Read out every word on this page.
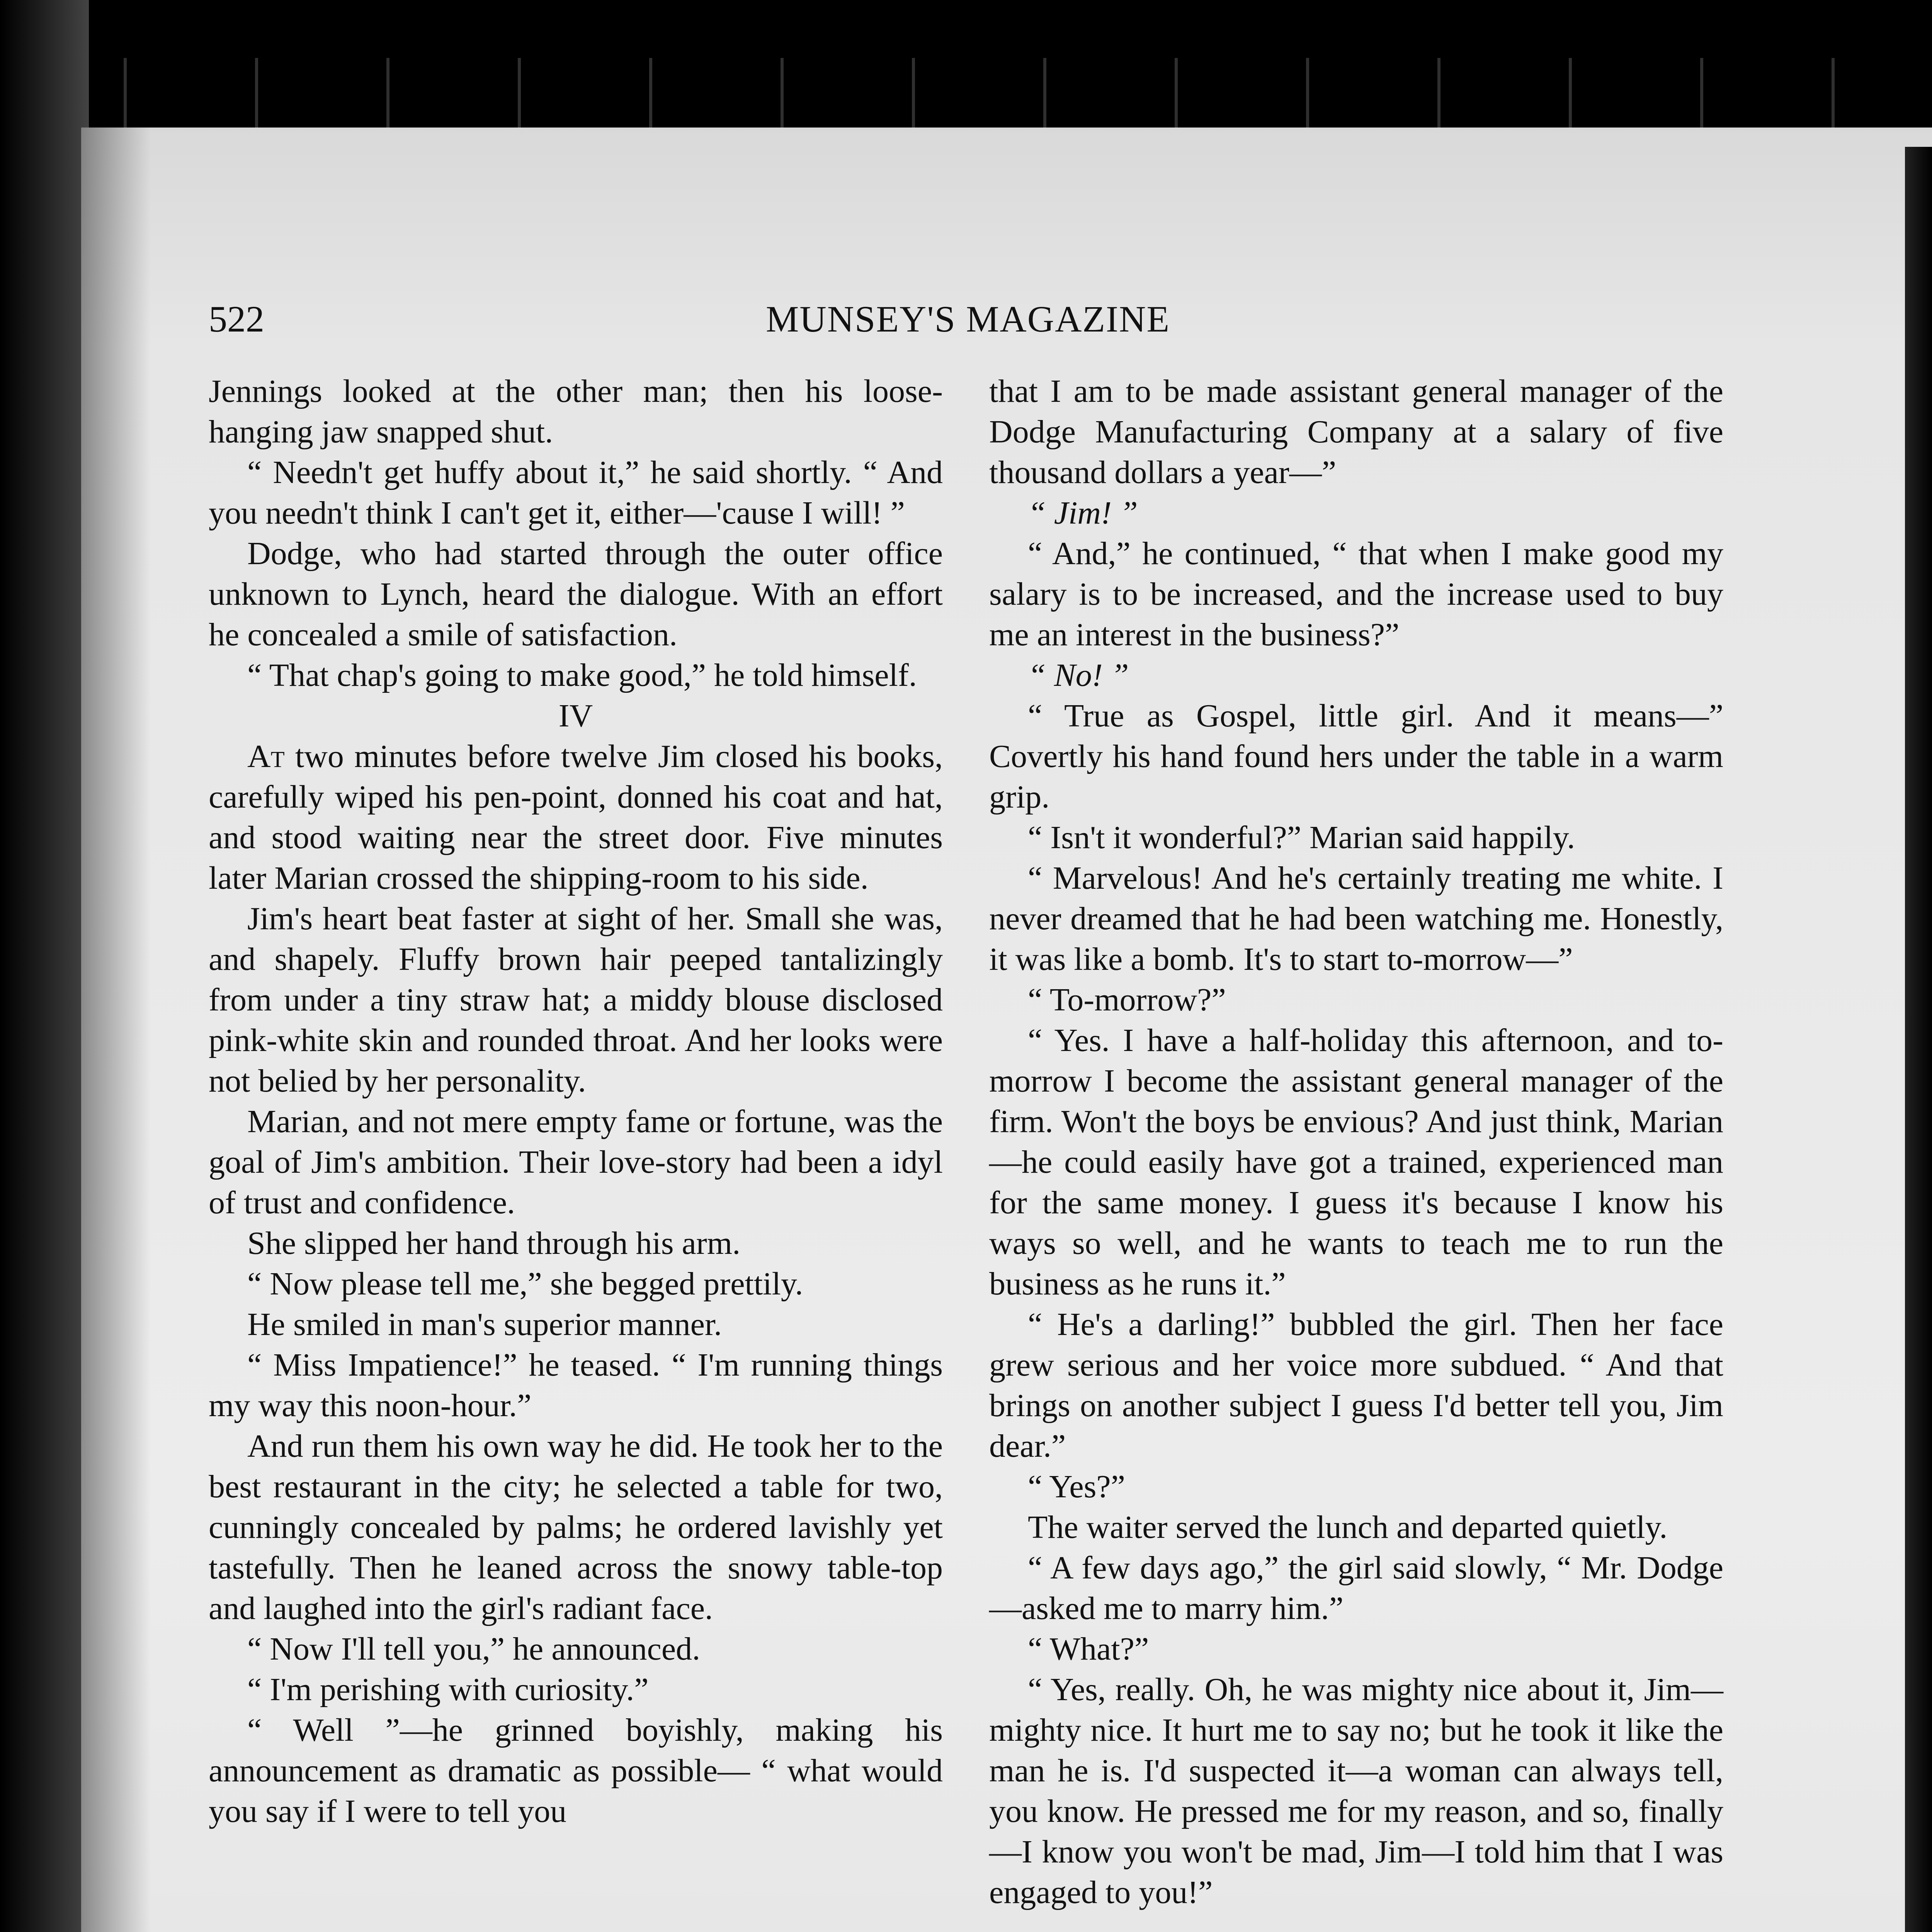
522	MUNSEY'S MAGAZINE

Jennings looked at the other man; then his loose-hanging jaw snapped shut.

“ Needn't get huffy about it,” he said shortly. “ And you needn't think I can't get it, either—'cause I will! ”

Dodge, who had started through the outer office unknown to Lynch, heard the dialogue. With an effort he concealed a smile of satisfaction.

“ That chap's going to make good,” he told himself.

IV

At two minutes before twelve Jim closed his books, carefully wiped his pen-point, donned his coat and hat, and stood waiting near the street door. Five minutes later Marian crossed the shipping-room to his side.

Jim's heart beat faster at sight of her. Small she was, and shapely. Fluffy brown hair peeped tantalizingly from under a tiny straw hat; a middy blouse disclosed pink-white skin and rounded throat. And her looks were not belied by her personality.

Marian, and not mere empty fame or fortune, was the goal of Jim's ambition. Their love-story had been a idyl of trust and confidence.

She slipped her hand through his arm.

“ Now please tell me,” she begged prettily.

He smiled in man's superior manner.

“ Miss Impatience!” he teased. “ I'm running things my way this noon-hour.”

And run them his own way he did. He took her to the best restaurant in the city; he selected a table for two, cunningly concealed by palms; he ordered lavishly yet tastefully. Then he leaned across the snowy table-top and laughed into the girl's radiant face.

“ Now I'll tell you,” he announced.

“ I'm perishing with curiosity.”

“ Well ”—he grinned boyishly, making his announcement as dramatic as possible— “ what would you say if I were to tell you

that I am to be made assistant general manager of the Dodge Manufacturing Company at a salary of five thousand dollars a year—”

“ Jim! ”

“ And,” he continued, “ that when I make good my salary is to be increased, and the increase used to buy me an interest in the business?”

“ No! ”

“ True as Gospel, little girl. And it means—” Covertly his hand found hers under the table in a warm grip.

“ Isn't it wonderful?” Marian said happily.

“ Marvelous! And he's certainly treating me white. I never dreamed that he had been watching me. Honestly, it was like a bomb. It's to start to-morrow—”

“ To-morrow?”

“ Yes. I have a half-holiday this afternoon, and to-morrow I become the assistant general manager of the firm. Won't the boys be envious? And just think, Marian —he could easily have got a trained, experienced man for the same money. I guess it's because I know his ways so well, and he wants to teach me to run the business as he runs it.”

“ He's a darling!” bubbled the girl. Then her face grew serious and her voice more subdued. “ And that brings on another subject I guess I'd better tell you, Jim dear.”

“ Yes?”

The waiter served the lunch and departed quietly.

“ A few days ago,” the girl said slowly, “ Mr. Dodge—asked me to marry him.”

“ What?”

“ Yes, really. Oh, he was mighty nice about it, Jim—mighty nice. It hurt me to say no; but he took it like the man he is. I'd suspected it—a woman can always tell, you know. He pressed me for my reason, and so, finally—I know you won't be mad, Jim—I told him that I was engaged to you!”
